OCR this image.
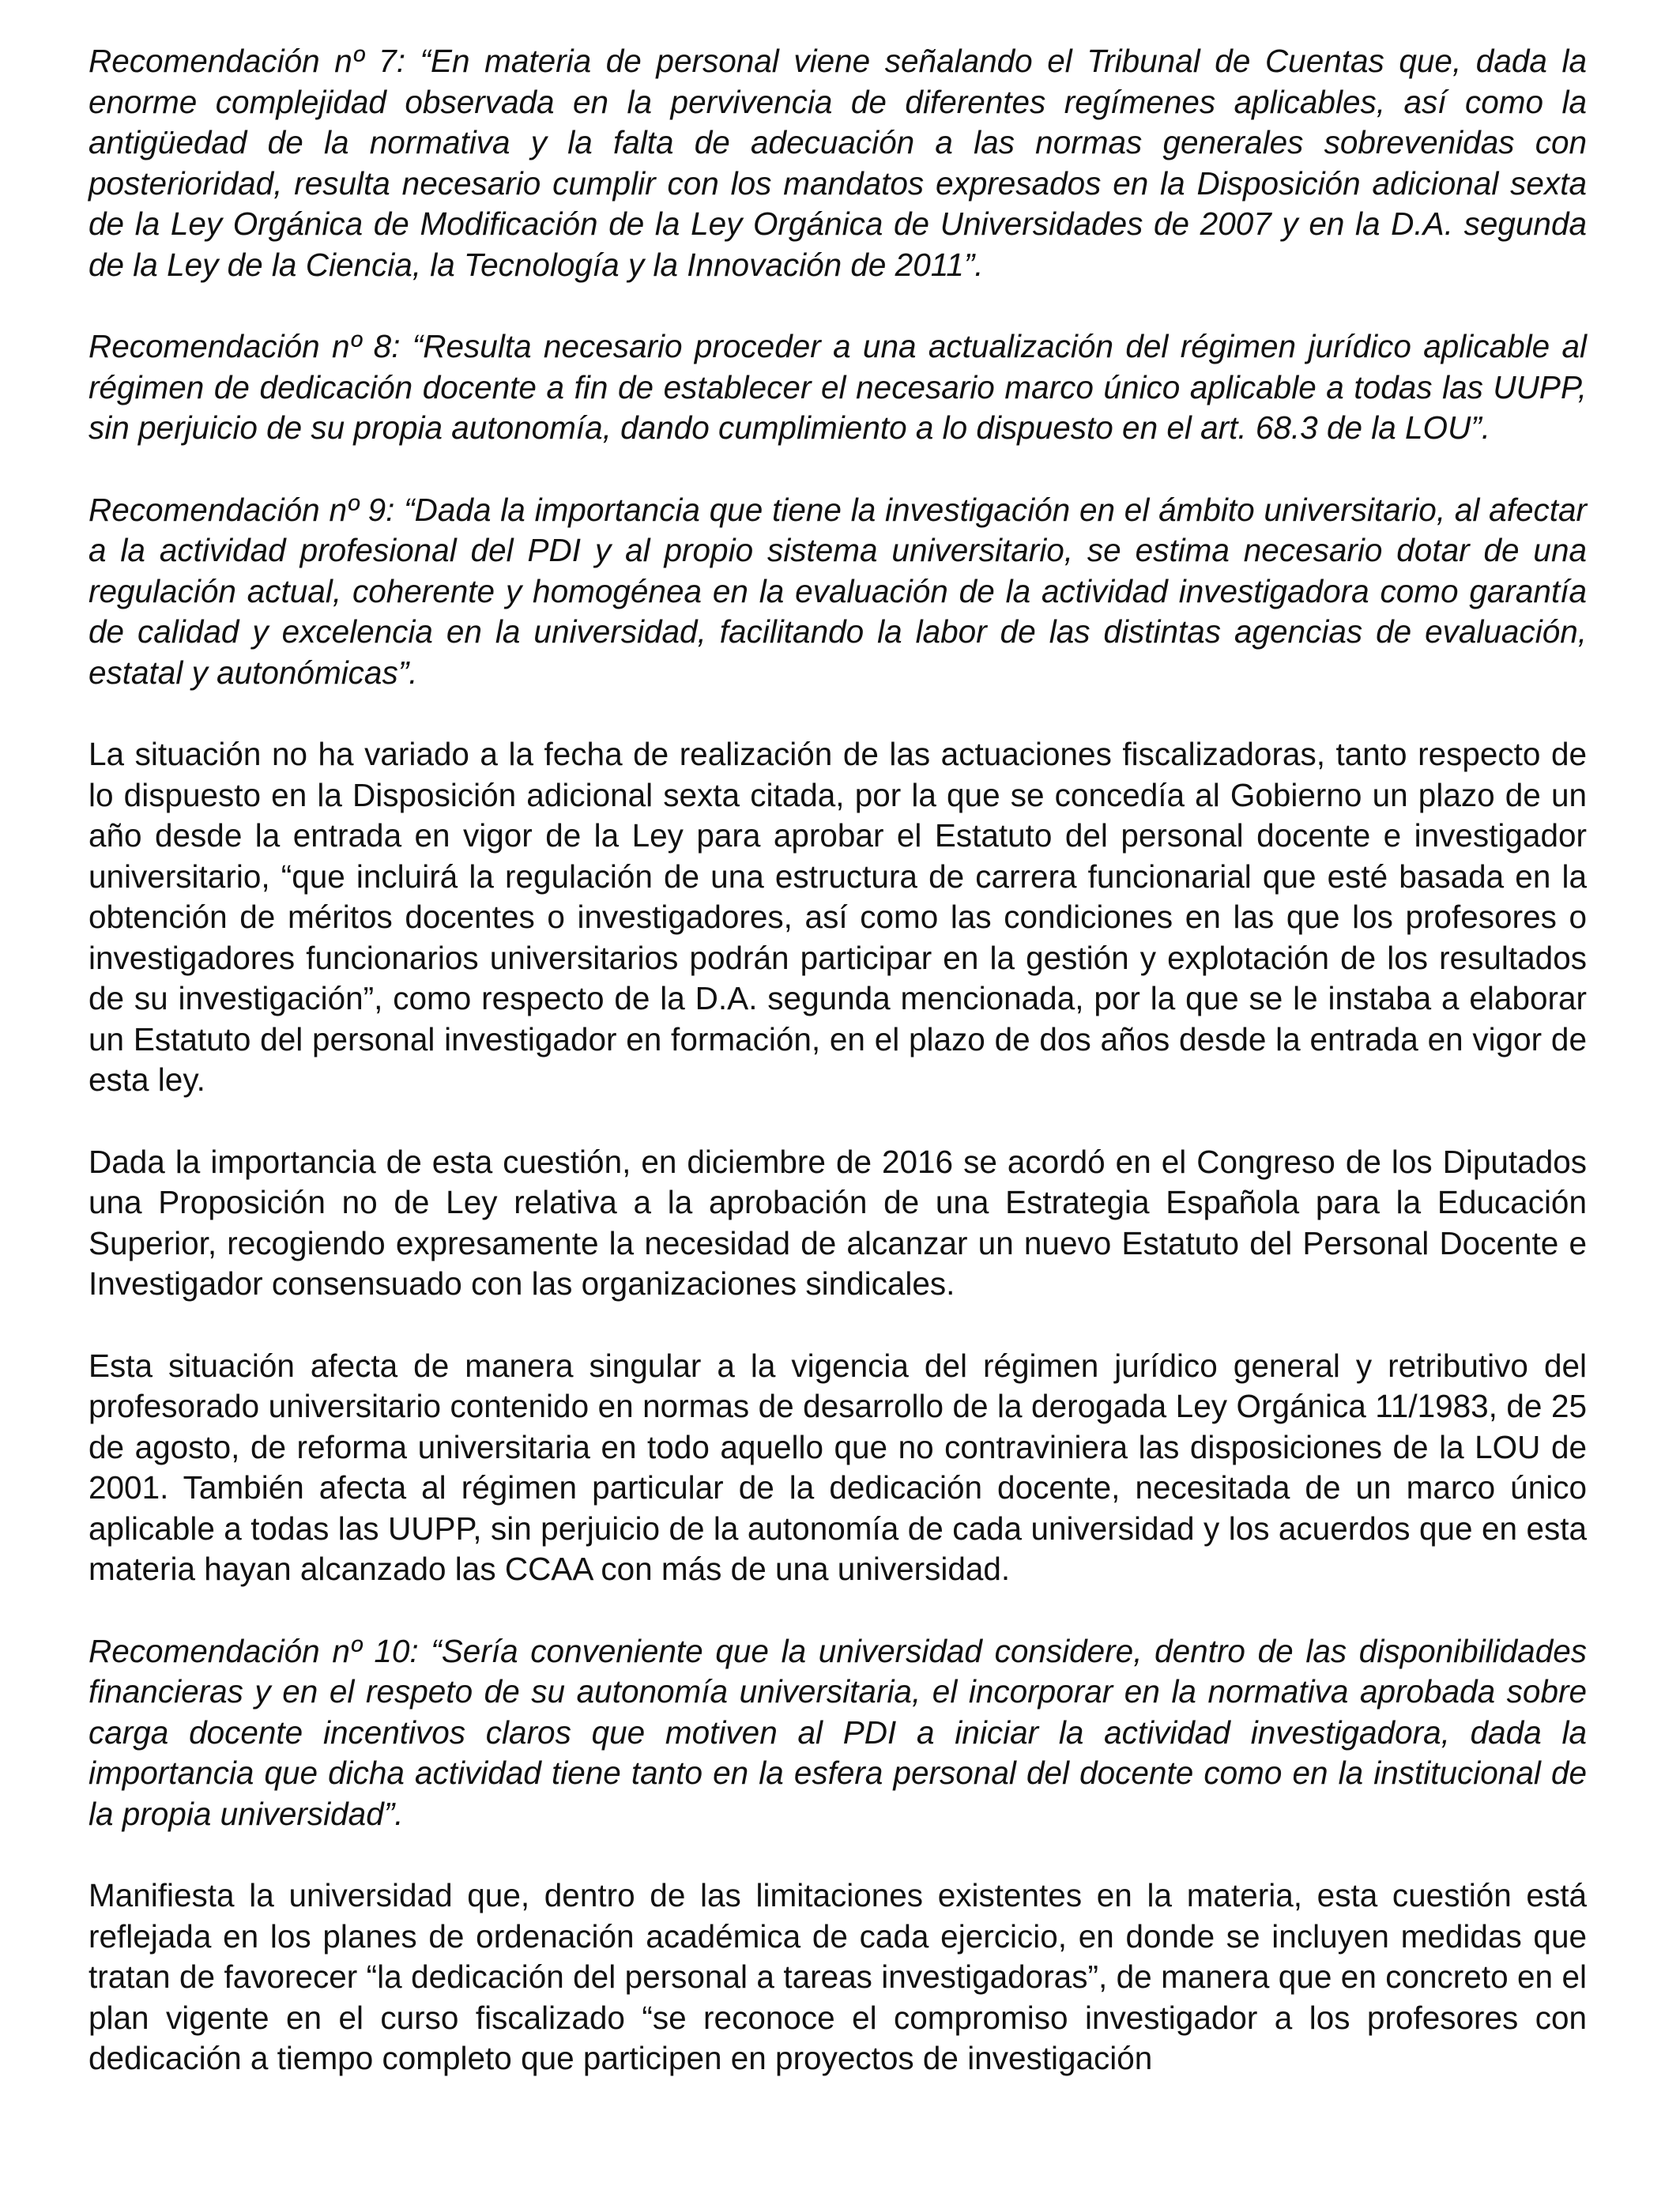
Recomendación nº 7: “En materia de personal viene señalando el Tribunal de Cuentas que, dada la enorme complejidad observada en la pervivencia de diferentes regímenes aplicables, así como la antigüedad de la normativa y la falta de adecuación a las normas generales sobrevenidas con posterioridad, resulta necesario cumplir con los mandatos expresados en la Disposición adicional sexta de la Ley Orgánica de Modificación de la Ley Orgánica de Universidades de 2007 y en la D.A. segunda de la Ley de la Ciencia, la Tecnología y la Innovación de 2011”.

Recomendación nº 8: “Resulta necesario proceder a una actualización del régimen jurídico aplicable al régimen de dedicación docente a fin de establecer el necesario marco único aplicable a todas las UUPP, sin perjuicio de su propia autonomía, dando cumplimiento a lo dispuesto en el art. 68.3 de la LOU”.

Recomendación nº 9: “Dada la importancia que tiene la investigación en el ámbito universitario, al afectar a la actividad profesional del PDI y al propio sistema universitario, se estima necesario dotar de una regulación actual, coherente y homogénea en la evaluación de la actividad investigadora como garantía de calidad y excelencia en la universidad, facilitando la labor de las distintas agencias de evaluación, estatal y autonómicas”.

La situación no ha variado a la fecha de realización de las actuaciones fiscalizadoras, tanto respecto de lo dispuesto en la Disposición adicional sexta citada, por la que se concedía al Gobierno un plazo de un año desde la entrada en vigor de la Ley para aprobar el Estatuto del personal docente e investigador universitario, “que incluirá la regulación de una estructura de carrera funcionarial que esté basada en la obtención de méritos docentes o investigadores, así como las condiciones en las que los profesores o investigadores funcionarios universitarios podrán participar en la gestión y explotación de los resultados de su investigación”, como respecto de la D.A. segunda mencionada, por la que se le instaba a elaborar un Estatuto del personal investigador en formación, en el plazo de dos años desde la entrada en vigor de esta ley.

Dada la importancia de esta cuestión, en diciembre de 2016 se acordó en el Congreso de los Diputados una Proposición no de Ley relativa a la aprobación de una Estrategia Española para la Educación Superior, recogiendo expresamente la necesidad de alcanzar un nuevo Estatuto del Personal Docente e Investigador consensuado con las organizaciones sindicales.

Esta situación afecta de manera singular a la vigencia del régimen jurídico general y retributivo del profesorado universitario contenido en normas de desarrollo de la derogada Ley Orgánica 11/1983, de 25 de agosto, de reforma universitaria en todo aquello que no contraviniera las disposiciones de la LOU de 2001. También afecta al régimen particular de la dedicación docente, necesitada de un marco único aplicable a todas las UUPP, sin perjuicio de la autonomía de cada universidad y los acuerdos que en esta materia hayan alcanzado las CCAA con más de una universidad.

Recomendación nº 10: “Sería conveniente que la universidad considere, dentro de las disponibilidades financieras y en el respeto de su autonomía universitaria, el incorporar en la normativa aprobada sobre carga docente incentivos claros que motiven al PDI a iniciar la actividad investigadora, dada la importancia que dicha actividad tiene tanto en la esfera personal del docente como en la institucional de la propia universidad”.

Manifiesta la universidad que, dentro de las limitaciones existentes en la materia, esta cuestión está reflejada en los planes de ordenación académica de cada ejercicio, en donde se incluyen medidas que tratan de favorecer “la dedicación del personal a tareas investigadoras”, de manera que en concreto en el plan vigente en el curso fiscalizado “se reconoce el compromiso investigador a los profesores con dedicación a tiempo completo que participen en proyectos de investigación
